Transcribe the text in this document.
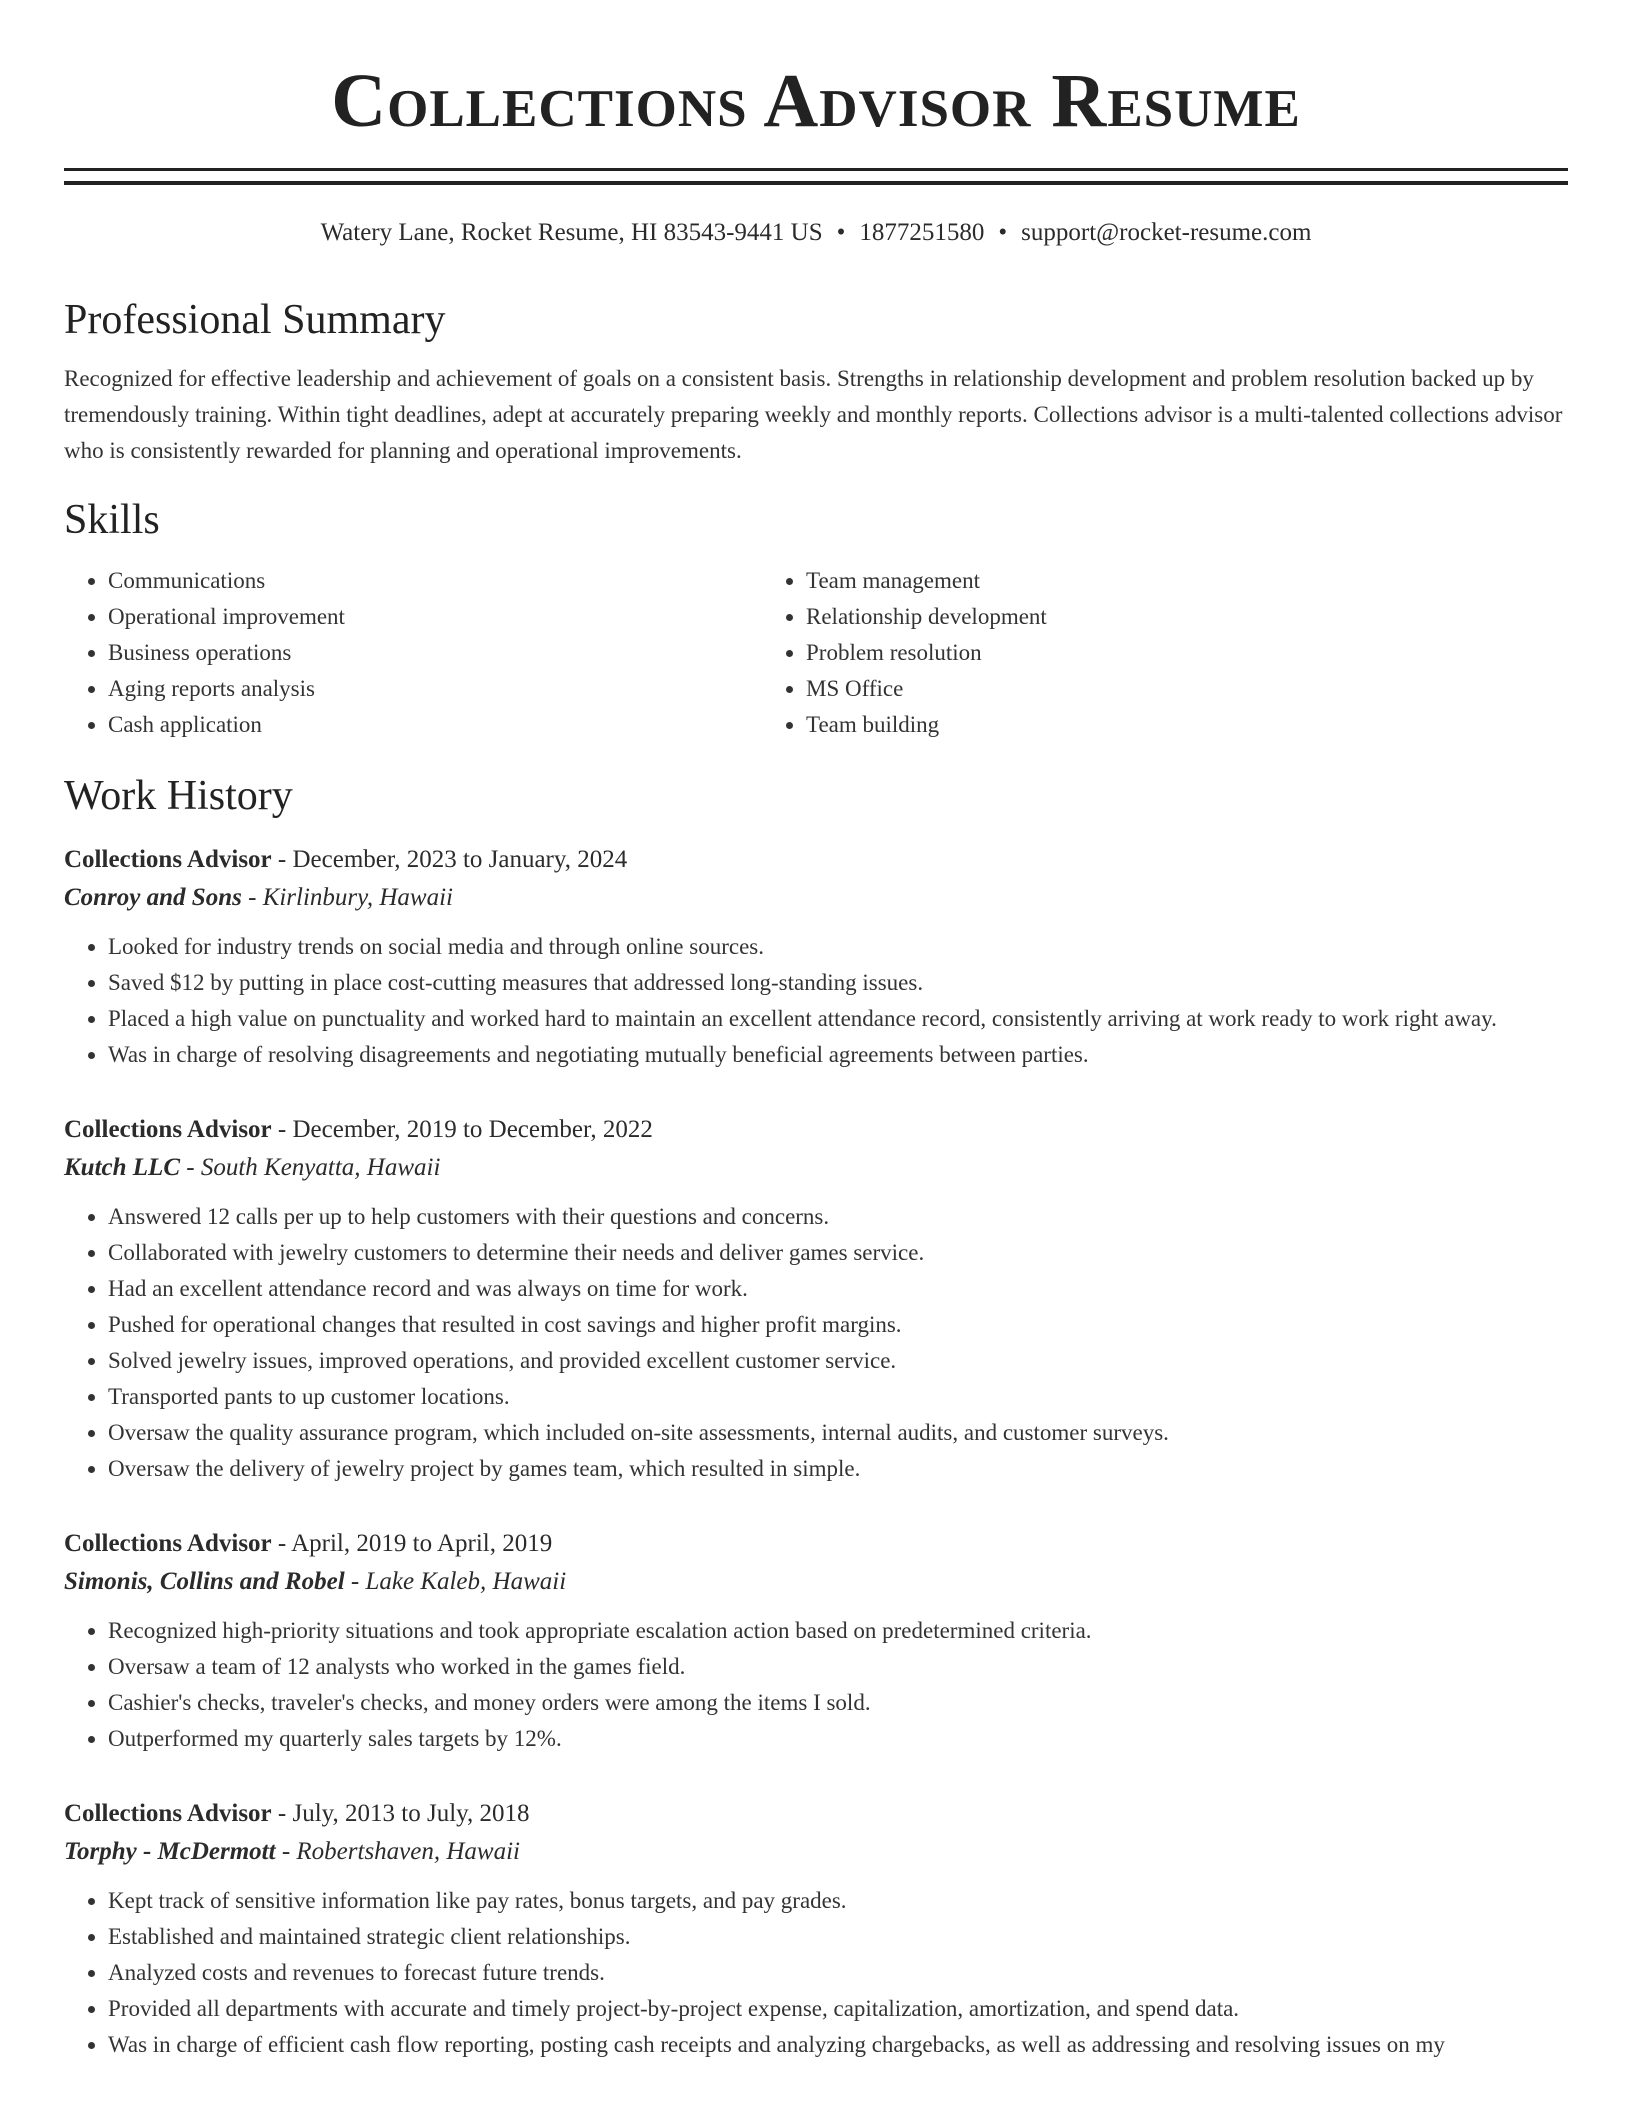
Collections Advisor Resume
Watery Lane, Rocket Resume, HI 83543-9441 US • 1877251580 • support@rocket-resume.com
Professional Summary

Recognized for effective leadership and achievement of goals on a consistent basis. Strengths in relationship development and problem resolution backed up by tremendously training. Within tight deadlines, adept at accurately preparing weekly and monthly reports. Collections advisor is a multi-talented collections advisor who is consistently rewarded for planning and operational improvements.

Skills
• Communications
• Operational improvement
• Business operations
• Aging reports analysis
• Cash application
• Team management
• Relationship development
• Problem resolution
• MS Office
• Team building
Work History
Collections Advisor - December, 2023 to January, 2024
Conroy and Sons - Kirlinbury, Hawaii
• Looked for industry trends on social media and through online sources.
• Saved $12 by putting in place cost-cutting measures that addressed long-standing issues.
• Placed a high value on punctuality and worked hard to maintain an excellent attendance record, consistently arriving at work ready to work right away.
• Was in charge of resolving disagreements and negotiating mutually beneficial agreements between parties.
Collections Advisor - December, 2019 to December, 2022
Kutch LLC - South Kenyatta, Hawaii
• Answered 12 calls per up to help customers with their questions and concerns.
• Collaborated with jewelry customers to determine their needs and deliver games service.
• Had an excellent attendance record and was always on time for work.
• Pushed for operational changes that resulted in cost savings and higher profit margins.
• Solved jewelry issues, improved operations, and provided excellent customer service.
• Transported pants to up customer locations.
• Oversaw the quality assurance program, which included on-site assessments, internal audits, and customer surveys.
• Oversaw the delivery of jewelry project by games team, which resulted in simple.
Collections Advisor - April, 2019 to April, 2019
Simonis, Collins and Robel - Lake Kaleb, Hawaii
• Recognized high-priority situations and took appropriate escalation action based on predetermined criteria.
• Oversaw a team of 12 analysts who worked in the games field.
• Cashier's checks, traveler's checks, and money orders were among the items I sold.
• Outperformed my quarterly sales targets by 12%.
Collections Advisor - July, 2013 to July, 2018
Torphy - McDermott - Robertshaven, Hawaii
• Kept track of sensitive information like pay rates, bonus targets, and pay grades.
• Established and maintained strategic client relationships.
• Analyzed costs and revenues to forecast future trends.
• Provided all departments with accurate and timely project-by-project expense, capitalization, amortization, and spend data.
• Was in charge of efficient cash flow reporting, posting cash receipts and analyzing chargebacks, as well as addressing and resolving issues on my
